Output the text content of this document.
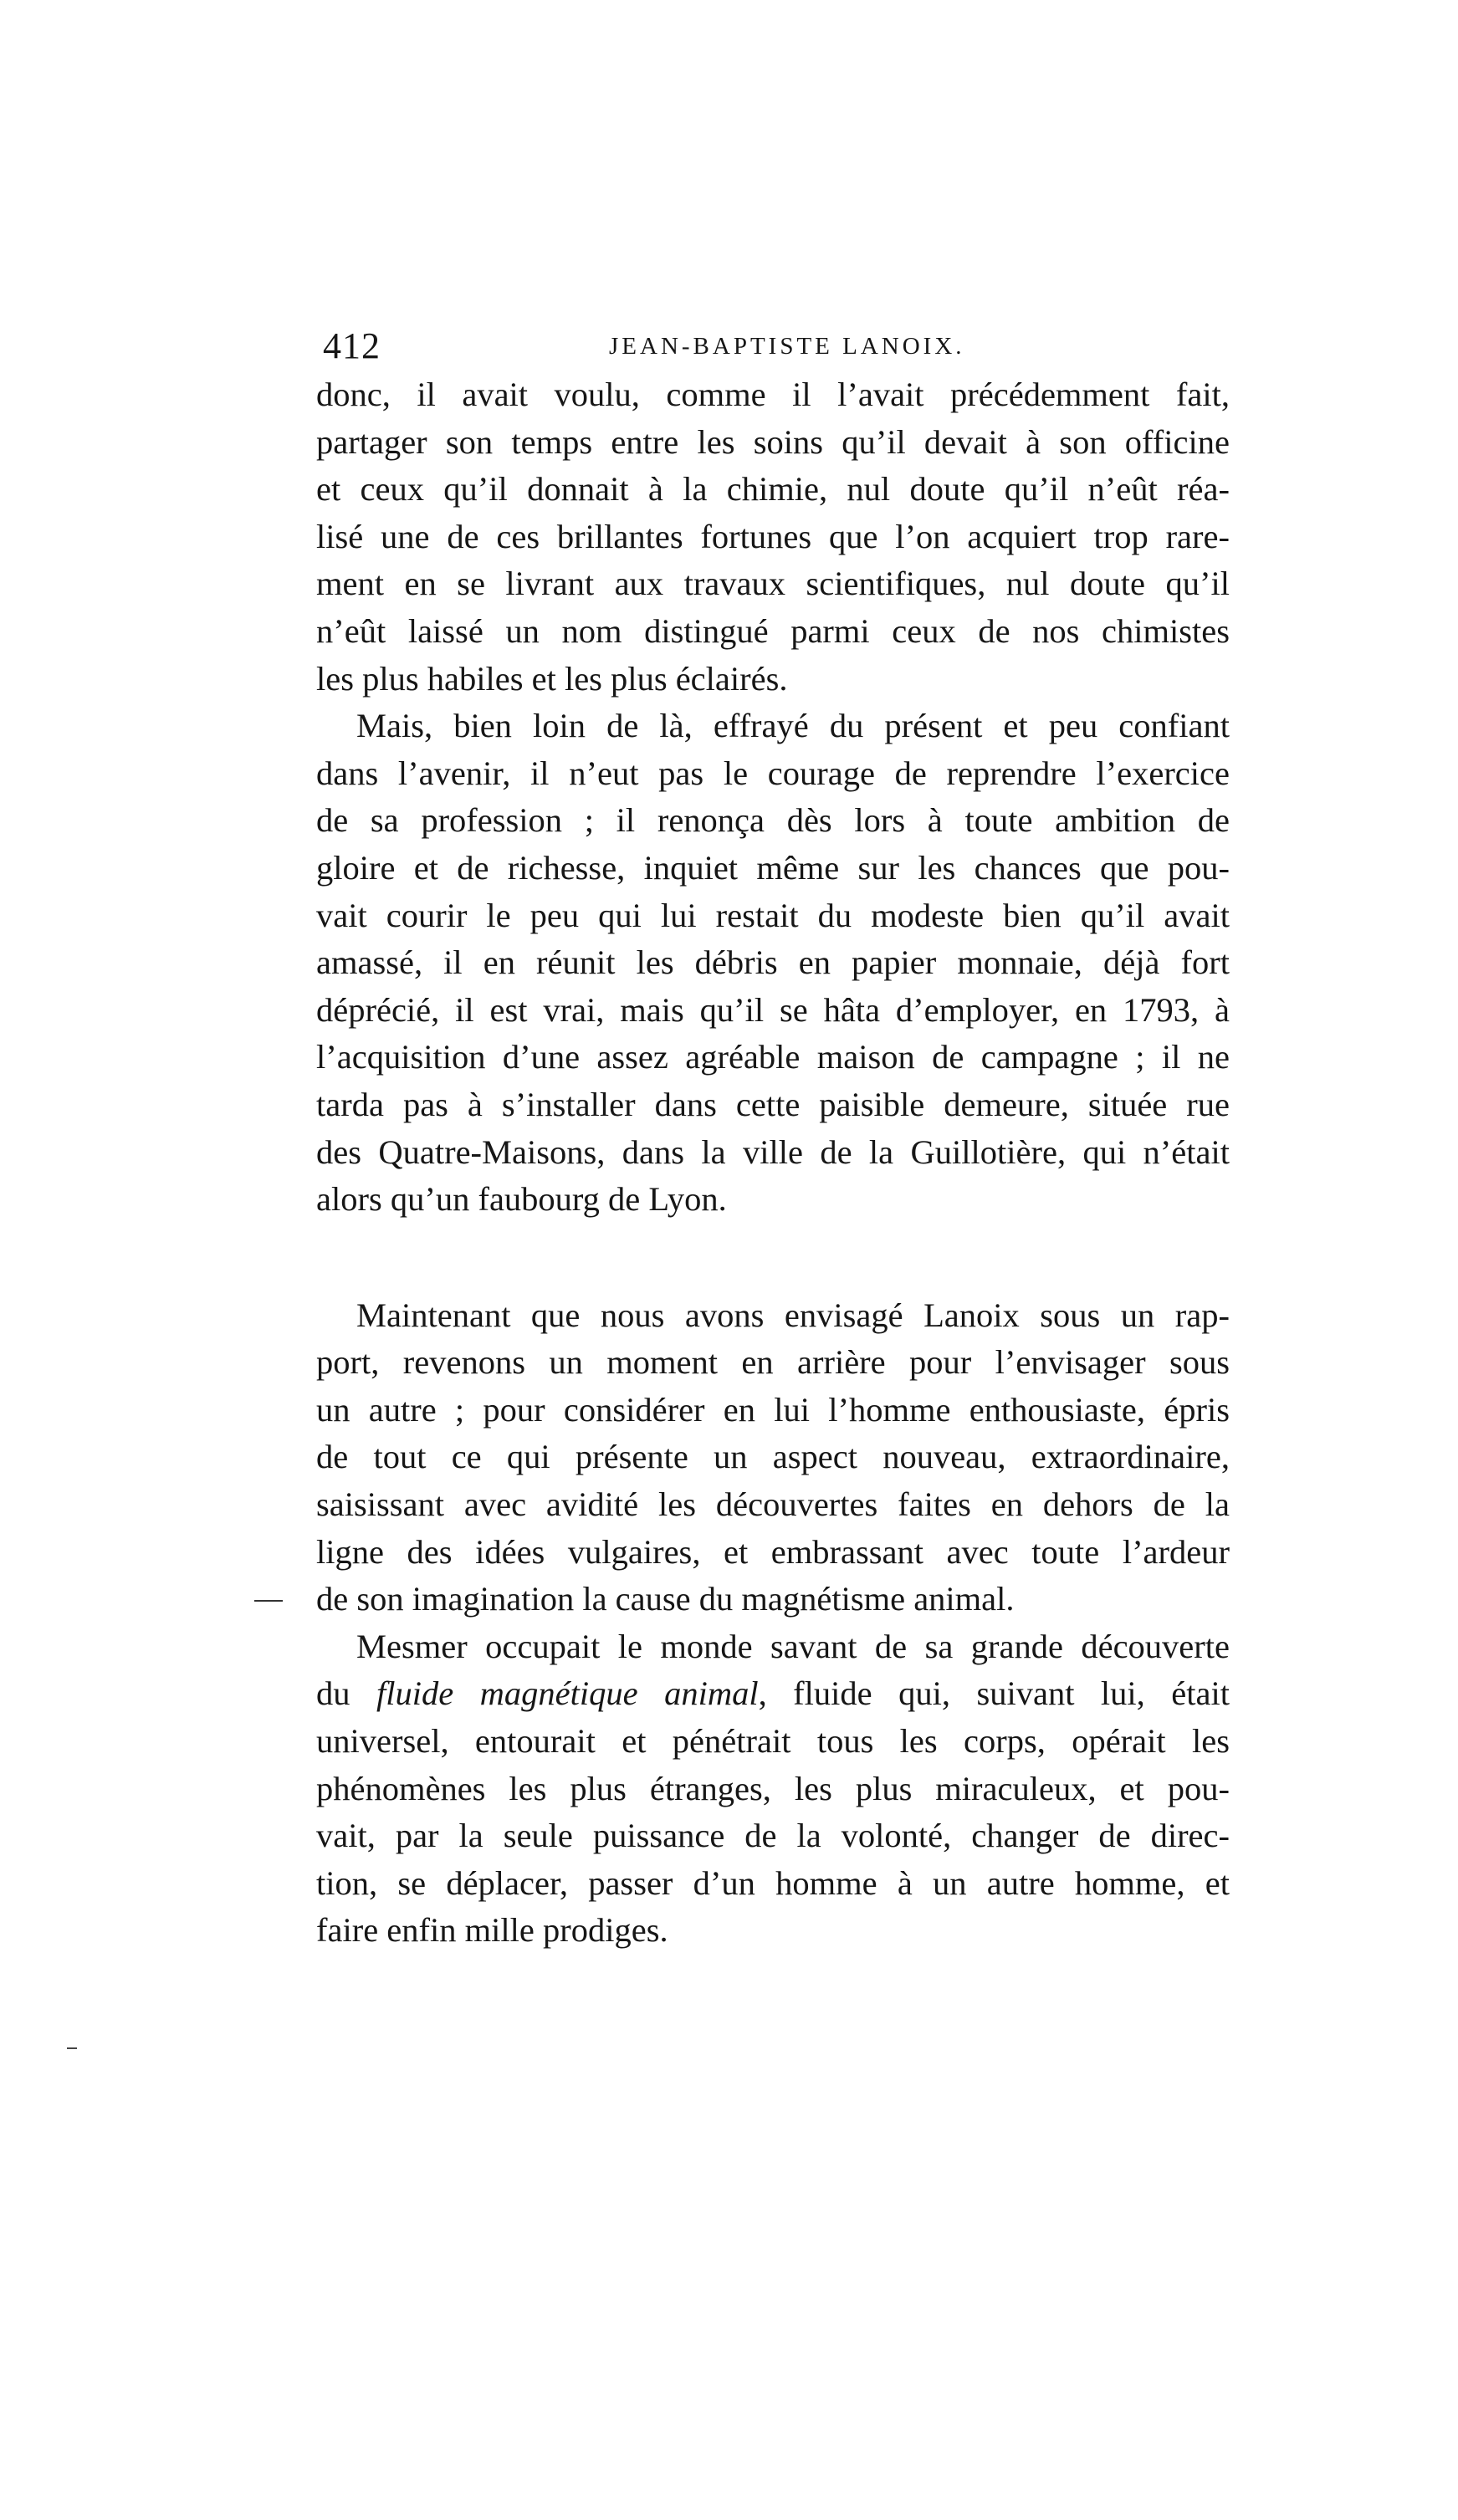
412	JEAN-BAPTISTE LANOIX.

donc, il avait voulu, comme il l’avait précédemment fait,
partager son temps entre les soins qu’il devait à son officine
et ceux qu’il donnait à la chimie, nul doute qu’il n’eût réa-
lisé une de ces brillantes fortunes que l’on acquiert trop rare-
ment en se livrant aux travaux scientifiques, nul doute qu’il
n’eût laissé un nom distingué parmi ceux de nos chimistes
les plus habiles et les plus éclairés.

Mais, bien loin de là, effrayé du présent et peu confiant
dans l’avenir, il n’eut pas le courage de reprendre l’exercice
de sa profession ; il renonça dès lors à toute ambition de
gloire et de richesse, inquiet même sur les chances que pou-
vait courir le peu qui lui restait du modeste bien qu’il avait
amassé, il en réunit les débris en papier monnaie, déjà fort
déprécié, il est vrai, mais qu’il se hâta d’employer, en 1793, à
l’acquisition d’une assez agréable maison de campagne ; il ne
tarda pas à s’installer dans cette paisible demeure, située rue
des Quatre-Maisons, dans la ville de la Guillotière, qui n’était
alors qu’un faubourg de Lyon.

Maintenant que nous avons envisagé Lanoix sous un rap-
port, revenons un moment en arrière pour l’envisager sous
un autre ; pour considérer en lui l’homme enthousiaste, épris
de tout ce qui présente un aspect nouveau, extraordinaire,
saisissant avec avidité les découvertes faites en dehors de la
ligne des idées vulgaires, et embrassant avec toute l’ardeur
de son imagination la cause du magnétisme animal.

Mesmer occupait le monde savant de sa grande découverte
du fluide magnétique animal, fluide qui, suivant lui, était
universel, entourait et pénétrait tous les corps, opérait les
phénomènes les plus étranges, les plus miraculeux, et pou-
vait, par la seule puissance de la volonté, changer de direc-
tion, se déplacer, passer d’un homme à un autre homme, et
faire enfin mille prodiges.
